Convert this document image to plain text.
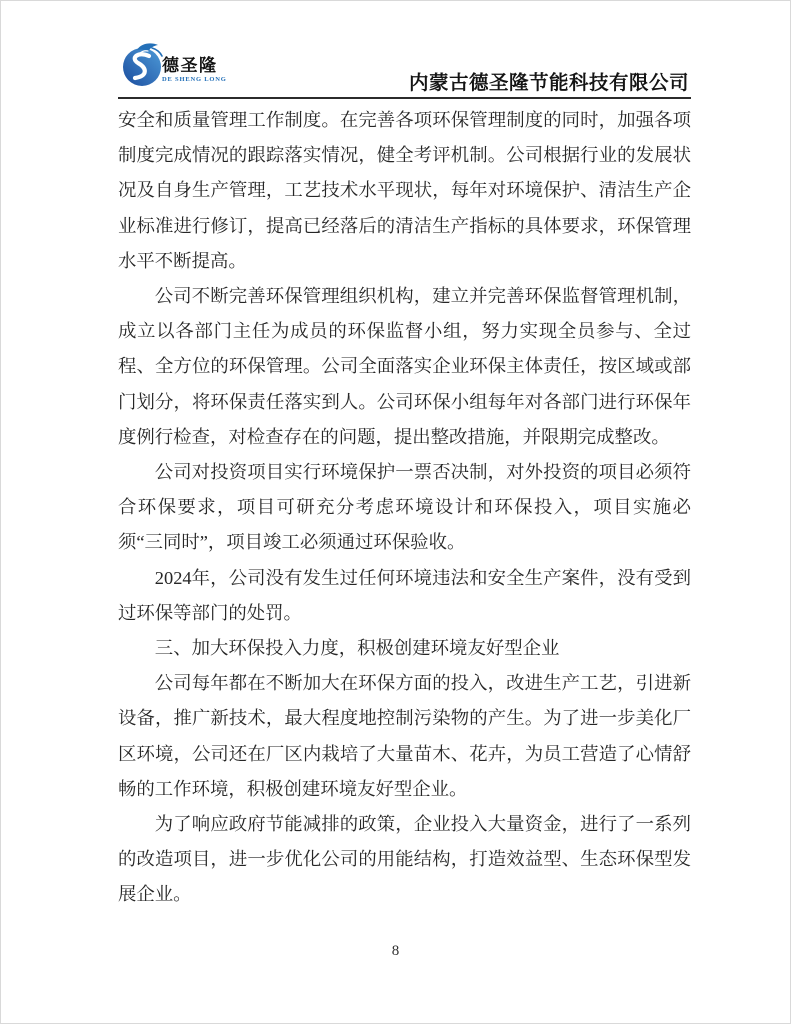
德圣隆
DE SHENG LONG	内蒙古德圣隆节能科技有限公司

安全和质量管理工作制度。在完善各项环保管理制度的同时，加强各项制度完成情况的跟踪落实情况，健全考评机制。公司根据行业的发展状况及自身生产管理，工艺技术水平现状，每年对环境保护、清洁生产企业标准进行修订，提高已经落后的清洁生产指标的具体要求，环保管理水平不断提高。

公司不断完善环保管理组织机构，建立并完善环保监督管理机制，成立以各部门主任为成员的环保监督小组，努力实现全员参与、全过程、全方位的环保管理。公司全面落实企业环保主体责任，按区域或部门划分，将环保责任落实到人。公司环保小组每年对各部门进行环保年度例行检查，对检查存在的问题，提出整改措施，并限期完成整改。

公司对投资项目实行环境保护一票否决制，对外投资的项目必须符合环保要求，项目可研充分考虑环境设计和环保投入，项目实施必须“三同时”，项目竣工必须通过环保验收。

2024年，公司没有发生过任何环境违法和安全生产案件，没有受到过环保等部门的处罚。

三、加大环保投入力度，积极创建环境友好型企业

公司每年都在不断加大在环保方面的投入，改进生产工艺，引进新设备，推广新技术，最大程度地控制污染物的产生。为了进一步美化厂区环境，公司还在厂区内栽培了大量苗木、花卉，为员工营造了心情舒畅的工作环境，积极创建环境友好型企业。

为了响应政府节能减排的政策，企业投入大量资金，进行了一系列的改造项目，进一步优化公司的用能结构，打造效益型、生态环保型发展企业。

8
